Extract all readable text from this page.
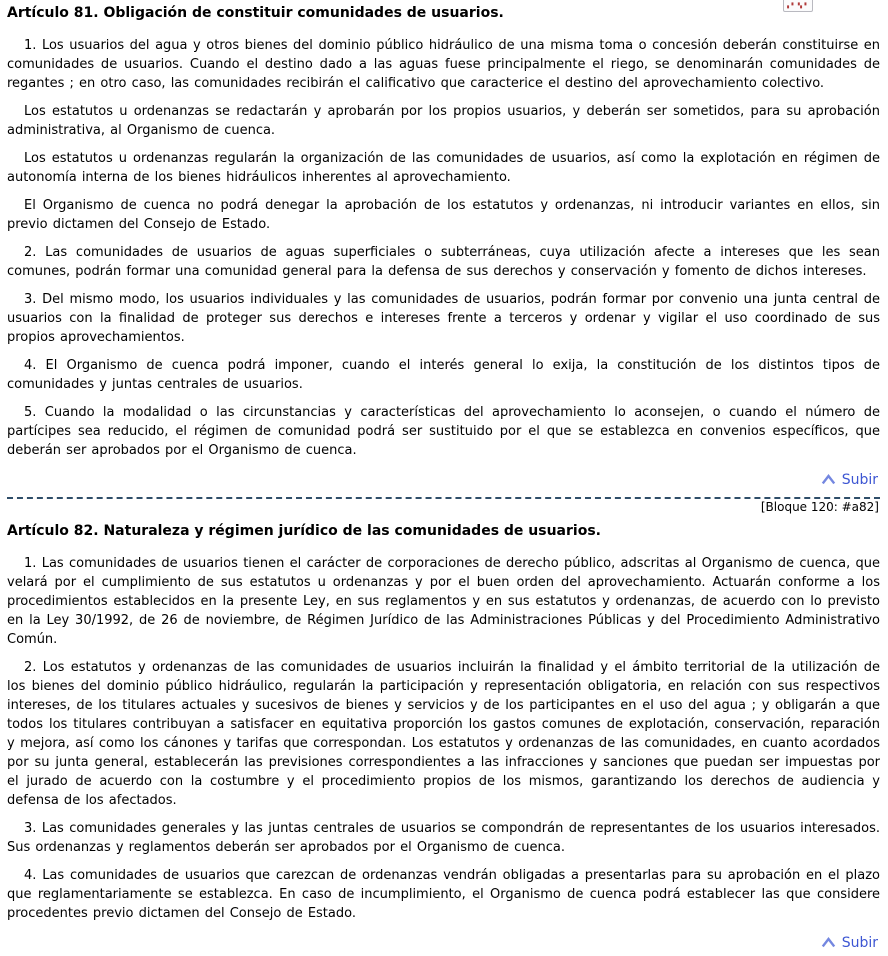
▖▘▝▖▘
Artículo 81. Obligación de constituir comunidades de usuarios.

1. Los usuarios del agua y otros bienes del dominio público hidráulico de una misma toma o concesión deberán constituirse en comunidades de usuarios. Cuando el destino dado a las aguas fuese principalmente el riego, se denominarán comunidades de regantes ; en otro caso, las comunidades recibirán el calificativo que caracterice el destino del aprovechamiento colectivo.

Los estatutos u ordenanzas se redactarán y aprobarán por los propios usuarios, y deberán ser sometidos, para su aprobación administrativa, al Organismo de cuenca.

Los estatutos u ordenanzas regularán la organización de las comunidades de usuarios, así como la explotación en régimen de autonomía interna de los bienes hidráulicos inherentes al aprovechamiento.

El Organismo de cuenca no podrá denegar la aprobación de los estatutos y ordenanzas, ni introducir variantes en ellos, sin previo dictamen del Consejo de Estado.

2. Las comunidades de usuarios de aguas superficiales o subterráneas, cuya utilización afecte a intereses que les sean comunes, podrán formar una comunidad general para la defensa de sus derechos y conservación y fomento de dichos intereses.

3. Del mismo modo, los usuarios individuales y las comunidades de usuarios, podrán formar por convenio una junta central de usuarios con la finalidad de proteger sus derechos e intereses frente a terceros y ordenar y vigilar el uso coordinado de sus propios aprovechamientos.

4. El Organismo de cuenca podrá imponer, cuando el interés general lo exija, la constitución de los distintos tipos de comunidades y juntas centrales de usuarios.

5. Cuando la modalidad o las circunstancias y características del aprovechamiento lo aconsejen, o cuando el número de partícipes sea reducido, el régimen de comunidad podrá ser sustituido por el que se establezca en convenios específicos, que deberán ser aprobados por el Organismo de cuenca.

Subir
[Bloque 120: #a82]
Artículo 82. Naturaleza y régimen jurídico de las comunidades de usuarios.

1. Las comunidades de usuarios tienen el carácter de corporaciones de derecho público, adscritas al Organismo de cuenca, que velará por el cumplimiento de sus estatutos u ordenanzas y por el buen orden del aprovechamiento. Actuarán conforme a los procedimientos establecidos en la presente Ley, en sus reglamentos y en sus estatutos y ordenanzas, de acuerdo con lo previsto en la Ley 30/1992, de 26 de noviembre, de Régimen Jurídico de las Administraciones Públicas y del Procedimiento Administrativo Común.

2. Los estatutos y ordenanzas de las comunidades de usuarios incluirán la finalidad y el ámbito territorial de la utilización de los bienes del dominio público hidráulico, regularán la participación y representación obligatoria, en relación con sus respectivos intereses, de los titulares actuales y sucesivos de bienes y servicios y de los participantes en el uso del agua ; y obligarán a que todos los titulares contribuyan a satisfacer en equitativa proporción los gastos comunes de explotación, conservación, reparación y mejora, así como los cánones y tarifas que correspondan. Los estatutos y ordenanzas de las comunidades, en cuanto acordados por su junta general, establecerán las previsiones correspondientes a las infracciones y sanciones que puedan ser impuestas por el jurado de acuerdo con la costumbre y el procedimiento propios de los mismos, garantizando los derechos de audiencia y defensa de los afectados.

3. Las comunidades generales y las juntas centrales de usuarios se compondrán de representantes de los usuarios interesados. Sus ordenanzas y reglamentos deberán ser aprobados por el Organismo de cuenca.

4. Las comunidades de usuarios que carezcan de ordenanzas vendrán obligadas a presentarlas para su aprobación en el plazo que reglamentariamente se establezca. En caso de incumplimiento, el Organismo de cuenca podrá establecer las que considere procedentes previo dictamen del Consejo de Estado.

Subir
